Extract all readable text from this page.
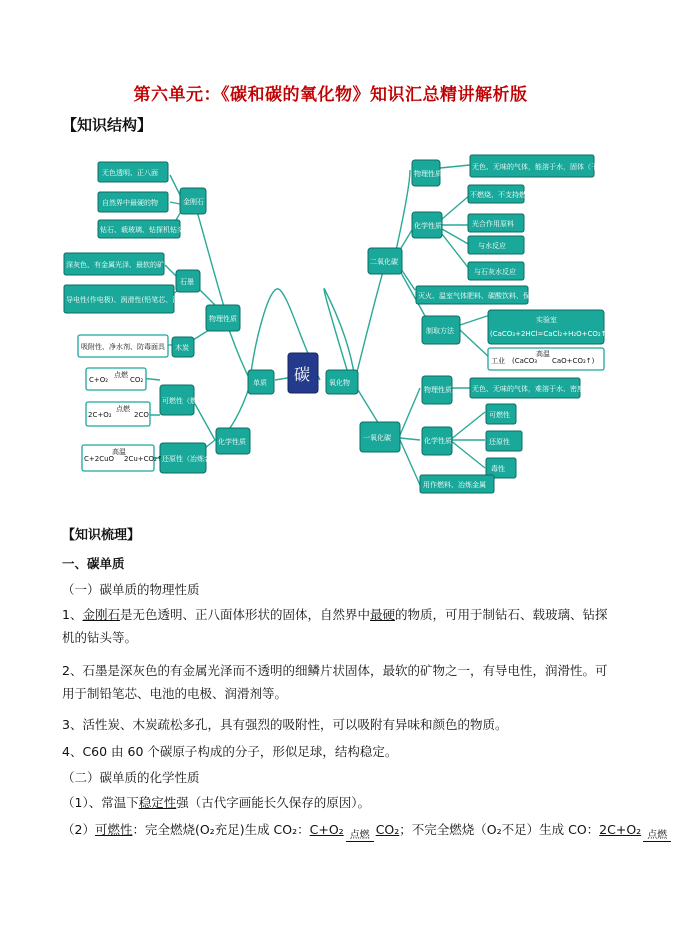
第六单元：《碳和碳的氧化物》知识汇总精讲解析版
【知识结构】
碳
单质	氧化物
金刚石
无色透明、正八面
自然界中最硬的物
钻石、载玻璃、钻探机钻头
石墨
深灰色、有金属光泽、最软的矿
导电性(作电极)、润滑性(铅笔芯、润滑剂)
物理性质
木炭
吸附性、净水剂、防毒面具
化学性质
可燃性（燃料）
还原性（冶炼金属）
C+O₂
点燃
CO₂
2C+O₂
点燃
2CO
C+2CuO
高温
2Cu+CO₂↑
二氧化碳
物理性质
无色、无味的气体，能溶于水，固体（干冰）
化学性质
不燃烧、不支持燃烧
光合作用原料
与水反应
与石灰水反应
灭火、温室气体肥料、碳酸饮料、保护
制取方法
实验室
(CaCO₃+2HCl=CaCl₂+H₂O+CO₂↑)
工业 (CaCO₃
高温
CaO+CO₂↑)
一氧化碳
物理性质	无色、无味的气体，难溶于水、密度比空气略
化学性质
可燃性
还原性
毒性
用作燃料、冶炼金属
【知识梳理】
一、碳单质
（一）碳单质的物理性质
1、金刚石是无色透明、正八面体形状的固体，自然界中最硬的物质，可用于制钻石、载玻璃、钻探机的钻头等。
2、石墨是深灰色的有金属光泽而不透明的细鳞片状固体，最软的矿物之一，有导电性，润滑性。可用于制铅笔芯、电池的电极、润滑剂等。
3、活性炭、木炭疏松多孔，具有强烈的吸附性，可以吸附有异味和颜色的物质。
4、C60 由 60 个碳原子构成的分子，形似足球，结构稳定。
（二）碳单质的化学性质
（1）、常温下稳定性强（古代字画能长久保存的原因）。
（2）可燃性：完全燃烧(O₂充足)生成 CO₂：C+O₂ 点燃 CO₂；不完全燃烧（O₂不足）生成 CO：2C+O₂ 点燃
